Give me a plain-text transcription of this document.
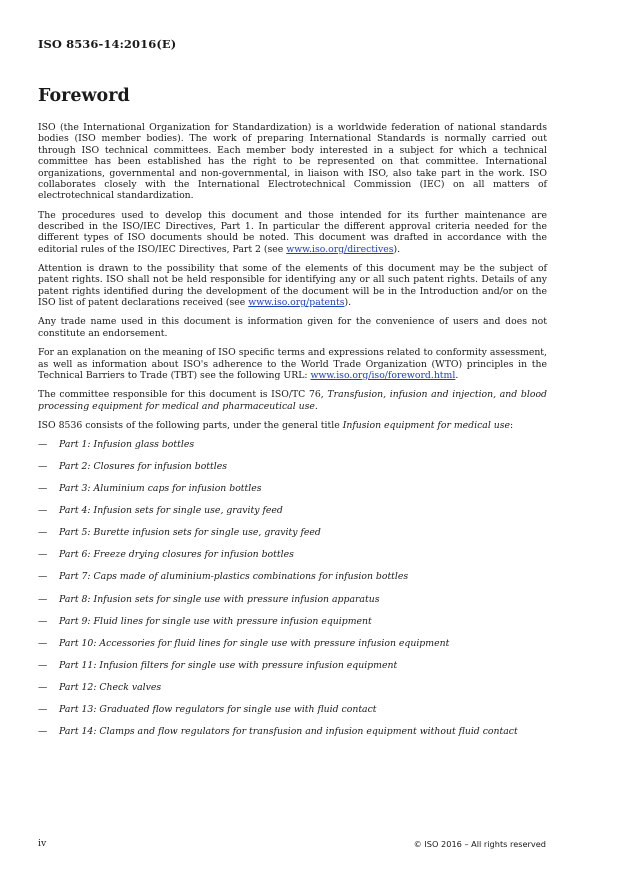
ISO 8536-14:2016(E)
Foreword

ISO (the International Organization for Standardization) is a worldwide federation of national standards bodies (ISO member bodies). The work of preparing International Standards is normally carried out through ISO technical committees. Each member body interested in a subject for which a technical committee has been established has the right to be represented on that committee. International organizations, governmental and non-governmental, in liaison with ISO, also take part in the work. ISO collaborates closely with the International Electrotechnical Commission (IEC) on all matters of electrotechnical standardization.

The procedures used to develop this document and those intended for its further maintenance are described in the ISO/IEC Directives, Part 1. In particular the different approval criteria needed for the different types of ISO documents should be noted. This document was drafted in accordance with the editorial rules of the ISO/IEC Directives, Part 2 (see www.iso.org/directives).

Attention is drawn to the possibility that some of the elements of this document may be the subject of patent rights. ISO shall not be held responsible for identifying any or all such patent rights. Details of any patent rights identified during the development of the document will be in the Introduction and/or on the ISO list of patent declarations received (see www.iso.org/patents).

Any trade name used in this document is information given for the convenience of users and does not constitute an endorsement.

For an explanation on the meaning of ISO specific terms and expressions related to conformity assessment, as well as information about ISO's adherence to the World Trade Organization (WTO) principles in the Technical Barriers to Trade (TBT) see the following URL: www.iso.org/iso/foreword.html.

The committee responsible for this document is ISO/TC 76, Transfusion, infusion and injection, and blood processing equipment for medical and pharmaceutical use.

ISO 8536 consists of the following parts, under the general title Infusion equipment for medical use:

—	Part 1: Infusion glass bottles
—	Part 2: Closures for infusion bottles
—	Part 3: Aluminium caps for infusion bottles
—	Part 4: Infusion sets for single use, gravity feed
—	Part 5: Burette infusion sets for single use, gravity feed
—	Part 6: Freeze drying closures for infusion bottles
—	Part 7: Caps made of aluminium-plastics combinations for infusion bottles
—	Part 8: Infusion sets for single use with pressure infusion apparatus
—	Part 9: Fluid lines for single use with pressure infusion equipment
—	Part 10: Accessories for fluid lines for single use with pressure infusion equipment
—	Part 11: Infusion filters for single use with pressure infusion equipment
—	Part 12: Check valves
—	Part 13: Graduated flow regulators for single use with fluid contact
—	Part 14: Clamps and flow regulators for transfusion and infusion equipment without fluid contact
iv	© ISO 2016 – All rights reserved
